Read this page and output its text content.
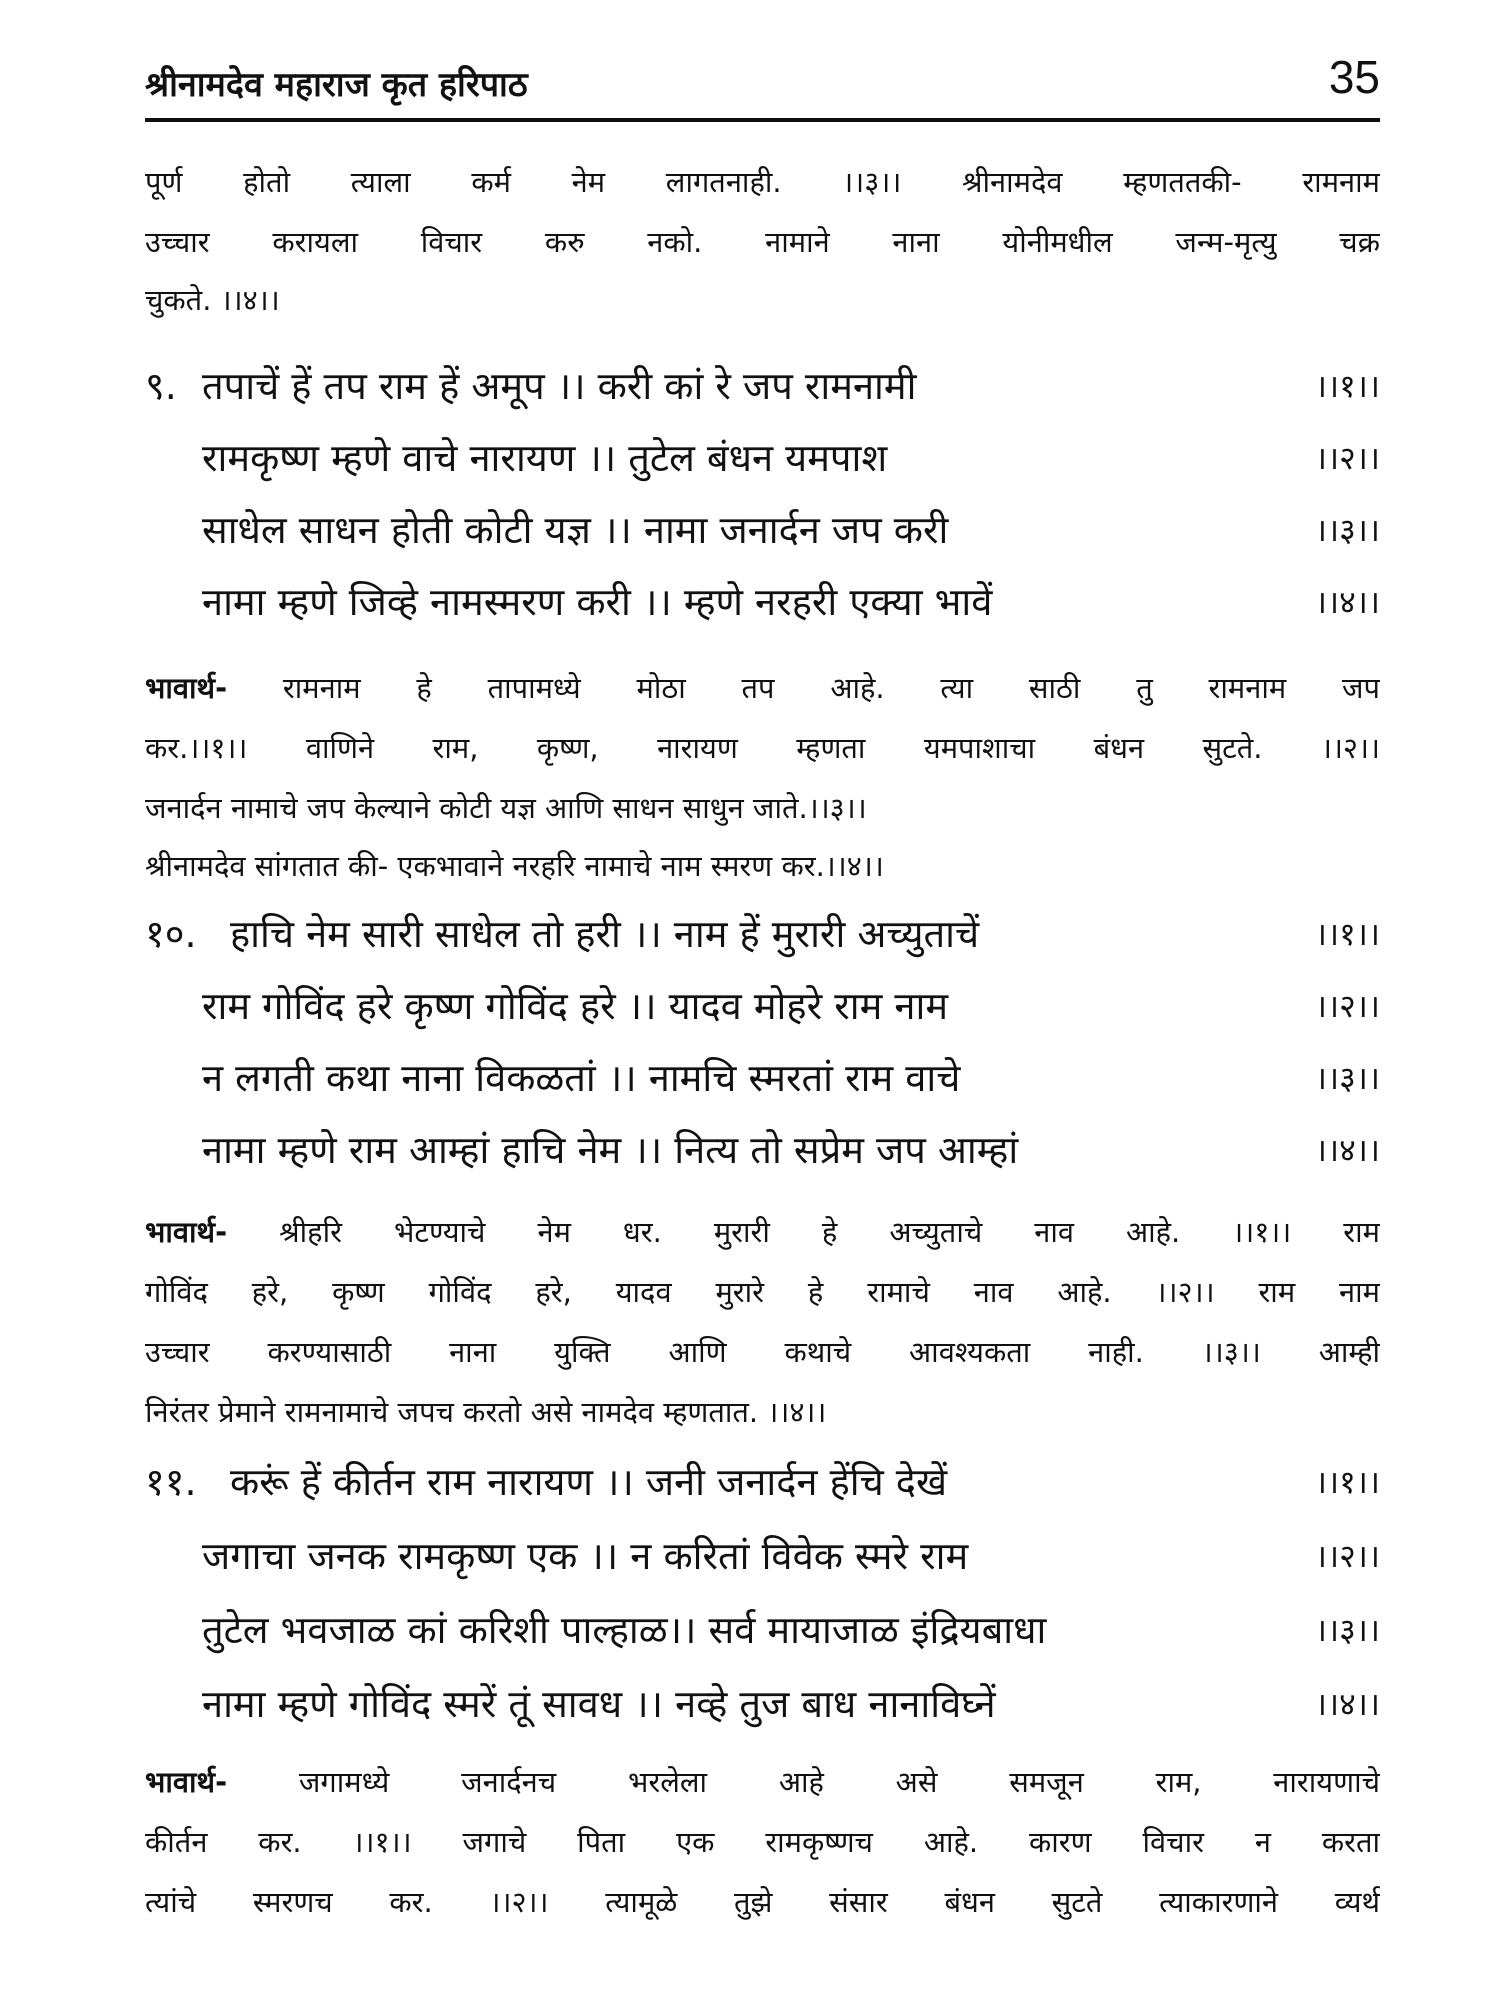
श्रीनामदेव महाराज कृत हरिपाठ	35
पूर्ण होतो त्याला कर्म नेम लागतनाही. ।।३।। श्रीनामदेव म्हणततकी- रामनाम
उच्चार करायला विचार करु नको. नामाने नाना योनीमधील जन्म-मृत्यु चक्र
चुकते. ।।४।।
९. तपाचें हें तप राम हें अमूप ।। करी कां रे जप रामनामी	।।१।।
रामकृष्ण म्हणे वाचे नारायण ।। तुटेल बंधन यमपाश	।।२।।
साधेल साधन होती कोटी यज्ञ ।। नामा जनार्दन जप करी	।।३।।
नामा म्हणे जिव्हे नामस्मरण करी ।। म्हणे नरहरी एक्या भावें	।।४।।
भावार्थ- रामनाम हे तापामध्ये मोठा तप आहे. त्या साठी तु रामनाम जप
कर.।।१।। वाणिने राम, कृष्ण, नारायण म्हणता यमपाशाचा बंधन सुटते. ।।२।।
जनार्दन नामाचे जप केल्याने कोटी यज्ञ आणि साधन साधुन जाते.।।३।।
श्रीनामदेव सांगतात की- एकभावाने नरहरि नामाचे नाम स्मरण कर.।।४।।
१०. हाचि नेम सारी साधेल तो हरी ।। नाम हें मुरारी अच्युताचें	।।१।।
राम गोविंद हरे कृष्ण गोविंद हरे ।। यादव मोहरे राम नाम	।।२।।
न लगती कथा नाना विकळतां ।। नामचि स्मरतां राम वाचे	।।३।।
नामा म्हणे राम आम्हां हाचि नेम ।। नित्य तो सप्रेम जप आम्हां	।।४।।
भावार्थ- श्रीहरि भेटण्याचे नेम धर. मुरारी हे अच्युताचे नाव आहे. ।।१।। राम
गोविंद हरे, कृष्ण गोविंद हरे, यादव मुरारे हे रामाचे नाव आहे. ।।२।। राम नाम
उच्चार करण्यासाठी नाना युक्ति आणि कथाचे आवश्यकता नाही. ।।३।। आम्ही
निरंतर प्रेमाने रामनामाचे जपच करतो असे नामदेव म्हणतात. ।।४।।
११. करूं हें कीर्तन राम नारायण ।। जनी जनार्दन हेंचि देखें	।।१।।
जगाचा जनक रामकृष्ण एक ।। न करितां विवेक स्मरे राम	।।२।।
तुटेल भवजाळ कां करिशी पाल्हाळ।। सर्व मायाजाळ इंद्रियबाधा	।।३।।
नामा म्हणे गोविंद स्मरें तूं सावध ।। नव्हे तुज बाध नानाविघ्नें	।।४।।
भावार्थ- जगामध्ये जनार्दनच भरलेला आहे असे समजून राम, नारायणाचे
कीर्तन कर. ।।१।। जगाचे पिता एक रामकृष्णच आहे. कारण विचार न करता
त्यांचे स्मरणच कर. ।।२।। त्यामूळे तुझे संसार बंधन सुटते त्याकारणाने व्यर्थ
